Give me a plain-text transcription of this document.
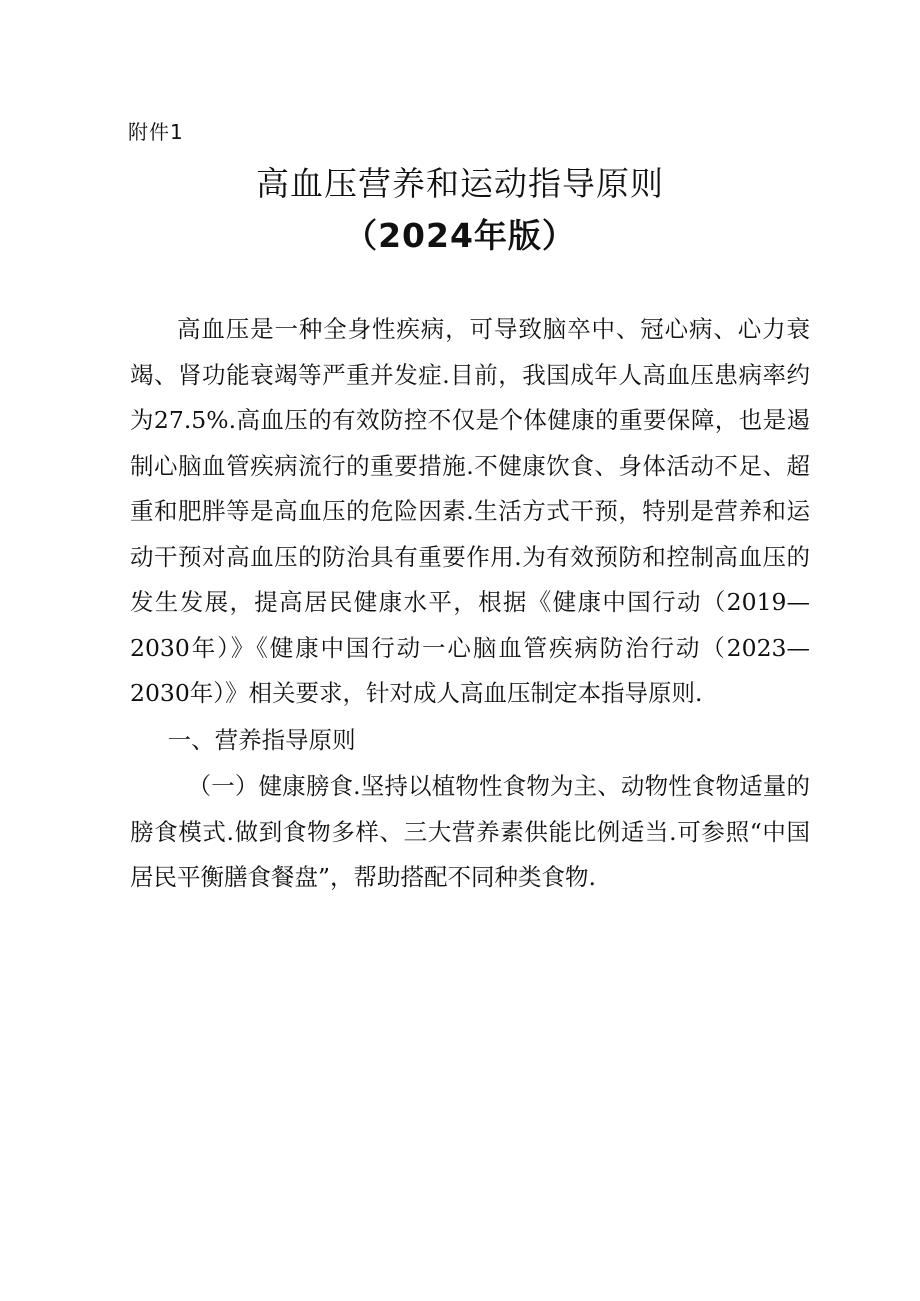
附件1
高血压营养和运动指导原则
（2024年版）

高血压是一种全身性疾病，可导致脑卒中、冠心病、心力衰竭、肾功能衰竭等严重并发症.目前，我国成年人高血压患病率约为27.5%.高血压的有效防控不仅是个体健康的重要保障，也是遏制心脑血管疾病流行的重要措施.不健康饮食、身体活动不足、超重和肥胖等是高血压的危险因素.生活方式干预，特别是营养和运动干预对高血压的防治具有重要作用.为有效预防和控制高血压的发生发展，提高居民健康水平，根据《健康中国行动（2019—2030年）》《健康中国行动一心脑血管疾病防治行动（2023—2030年）》相关要求，针对成人高血压制定本指导原则.

一、营养指导原则

（一）健康膀食.坚持以植物性食物为主、动物性食物适量的膀食模式.做到食物多样、三大营养素供能比例适当.可参照“中国居民平衡膳食餐盘”，帮助搭配不同种类食物.
